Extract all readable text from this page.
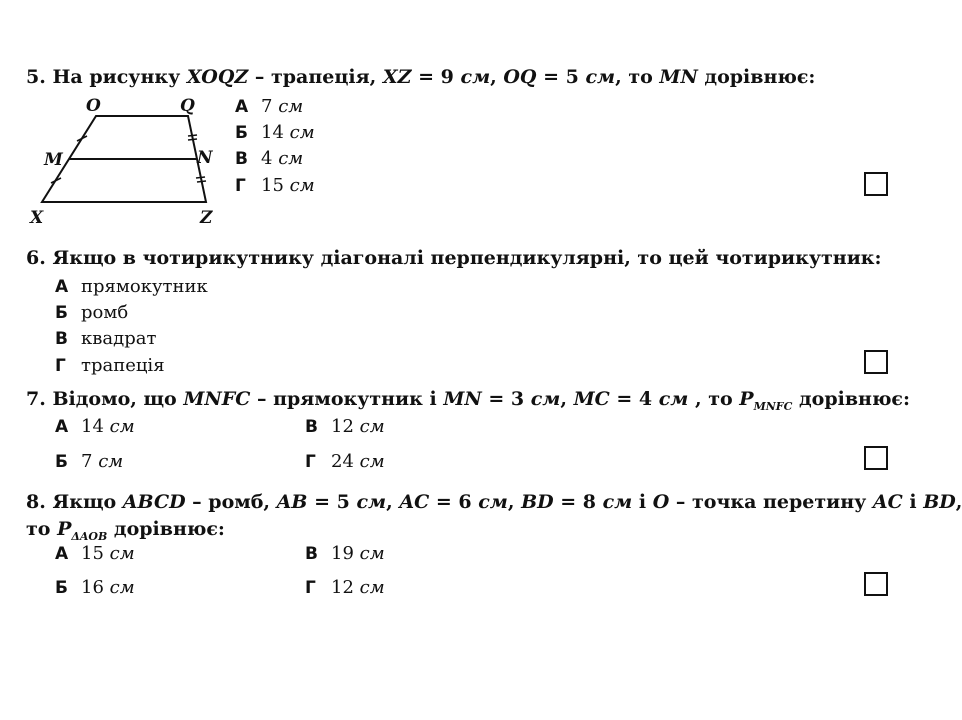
5. На рисунку XOQZ – трапеція, XZ = 9 см, OQ = 5 см, то MN дорівнює:
O	Q
M	N
X	Z
А 7 см
Б 14 см
В 4 см
Г 15 см
6. Якщо в чотирикутнику діагоналі перпендикулярні, то цей чотирикутник:
А прямокутник
Б ромб
В квадрат
Г трапеція
7. Відомо, що MNFC – прямокутник і MN = 3 см, MC = 4 см , то $P_{MNFC}$ дорівнює:
А 14 см	В 12 см
Б 7 см	Г 24 см
8. Якщо ABCD – ромб, AB = 5 см, AC = 6 см, BD = 8 см і O – точка перетину AC і BD,
то $P_{\Delta AOB}$ дорівнює:
А 15 см	В 19 см
Б 16 см	Г 12 см
